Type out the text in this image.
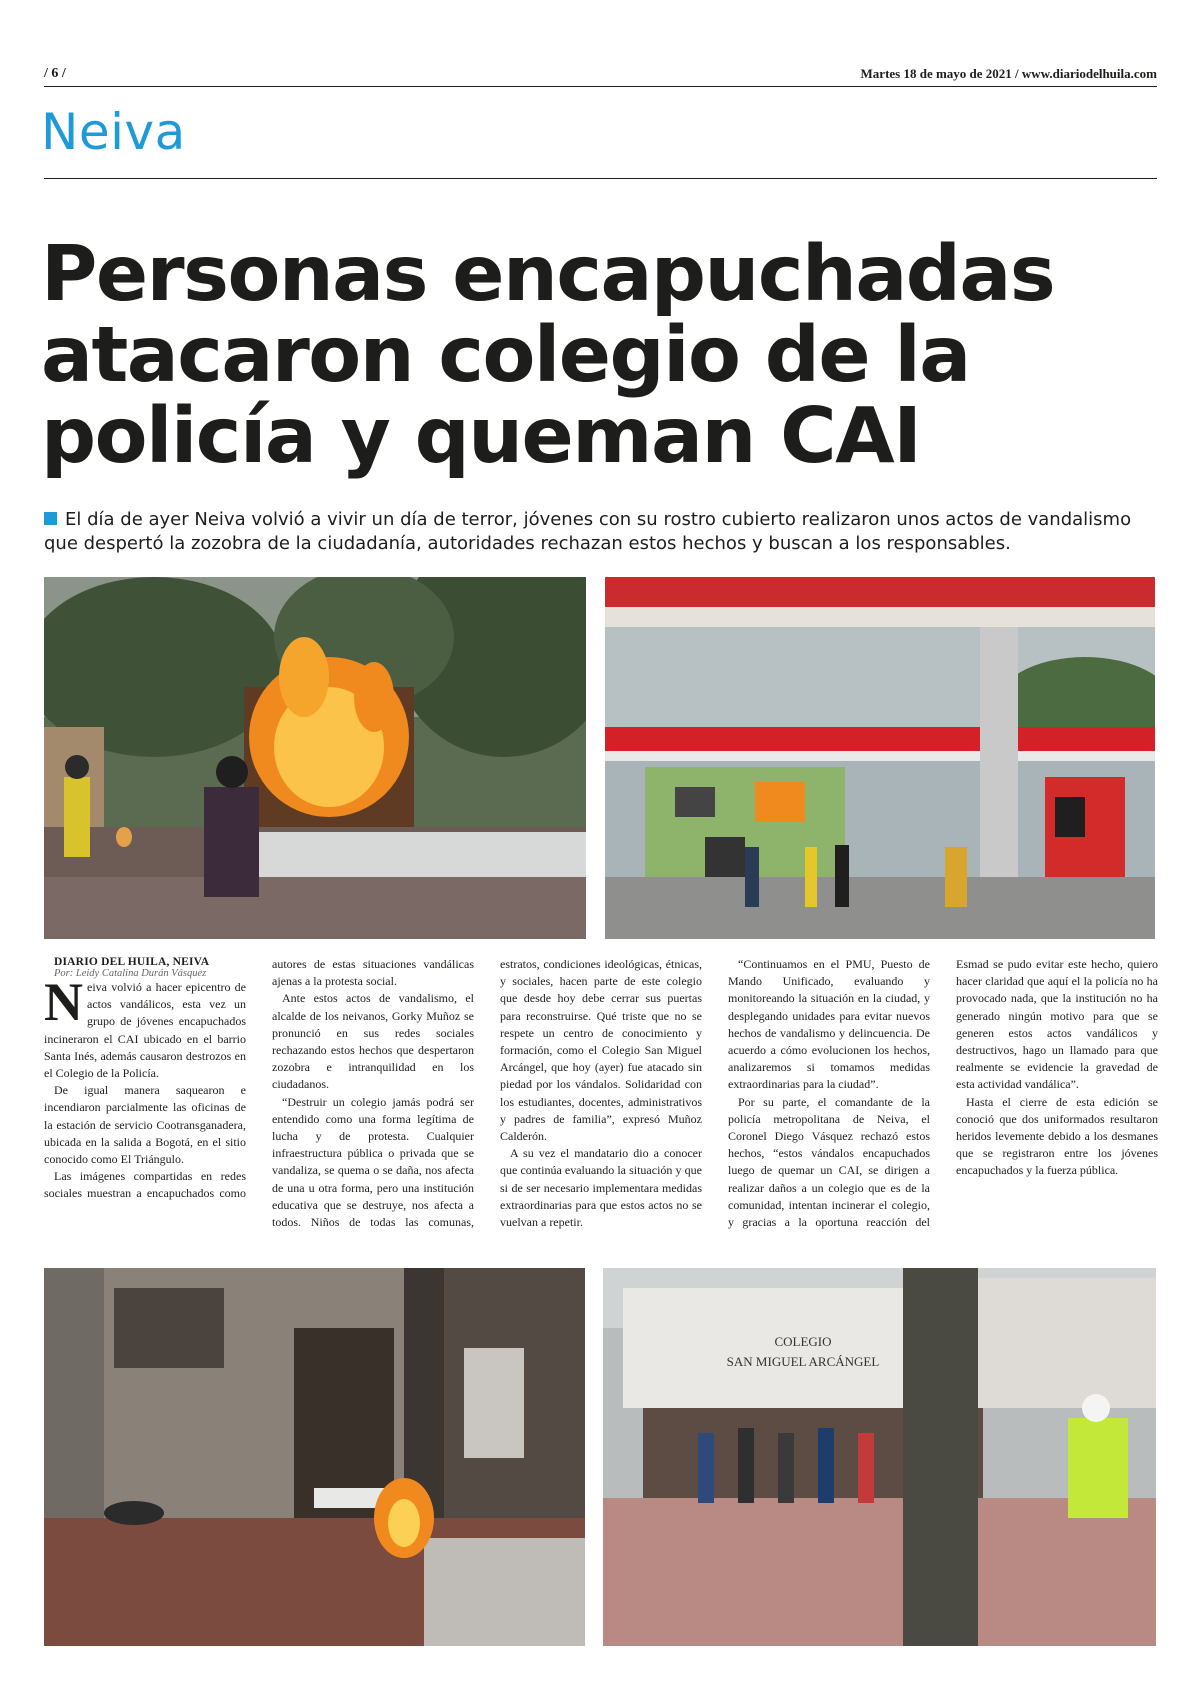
/ 6 /	Martes 18 de mayo de 2021 / www.diariodelhuila.com
Neiva
Personas encapuchadas atacaron colegio de la policía y queman CAI
El día de ayer Neiva volvió a vivir un día de terror, jóvenes con su rostro cubierto realizaron unos actos de vandalismo que despertó la zozobra de la ciudadanía, autoridades rechazan estos hechos y buscan a los responsables.

DIARIO DEL HUILA, NEIVA

Por: Leidy Catalina Durán Vásquez

Neiva volvió a hacer epicentro de actos vandálicos, esta vez un grupo de jóvenes encapuchados incineraron el CAI ubicado en el barrio Santa Inés, además causaron destrozos en el Colegio de la Policía.

De igual manera saquearon e incendiaron parcialmente las oficinas de la estación de servicio Cootransganadera, ubicada en la salida a Bogotá, en el sitio conocido como El Triángulo.

Las imágenes compartidas en redes sociales muestran a encapuchados como autores de estas situaciones vandálicas ajenas a la protesta social.

Ante estos actos de vandalismo, el alcalde de los neivanos, Gorky Muñoz se pronunció en sus redes sociales rechazando estos hechos que despertaron zozobra e intranquilidad en los ciudadanos.

“Destruir un colegio jamás podrá ser entendido como una forma legítima de lucha y de protesta. Cualquier infraestructura pública o privada que se vandaliza, se quema o se daña, nos afecta de una u otra forma, pero una institución educativa que se destruye, nos afecta a todos. Niños de todas las comunas, estratos, condiciones ideológicas, étnicas, y sociales, hacen parte de este colegio que desde hoy debe cerrar sus puertas para reconstruirse. Qué triste que no se respete un centro de conocimiento y formación, como el Colegio San Miguel Arcángel, que hoy (ayer) fue atacado sin piedad por los vándalos. Solidaridad con los estudiantes, docentes, administrativos y padres de familia”, expresó Muñoz Calderón.

A su vez el mandatario dio a conocer que continúa evaluando la situación y que si de ser necesario implementara medidas extraordinarias para que estos actos no se vuelvan a repetir.

“Continuamos en el PMU, Puesto de Mando Unificado, evaluando y monitoreando la situación en la ciudad, y desplegando unidades para evitar nuevos hechos de vandalismo y delincuencia. De acuerdo a cómo evolucionen los hechos, analizaremos si tomamos medidas extraordinarias para la ciudad”.

Por su parte, el comandante de la policía metropolitana de Neiva, el Coronel Diego Vásquez rechazó estos hechos, “estos vándalos encapuchados luego de quemar un CAI, se dirigen a realizar daños a un colegio que es de la comunidad, intentan incinerar el colegio, y gracias a la oportuna reacción del Esmad se pudo evitar este hecho, quiero hacer claridad que aquí el la policía no ha provocado nada, que la institución no ha generado ningún motivo para que se generen estos actos vandálicos y destructivos, hago un llamado para que realmente se evidencie la gravedad de esta actividad vandálica”.

Hasta el cierre de esta edición se conoció que dos uniformados resultaron heridos levemente debido a los desmanes que se registraron entre los jóvenes encapuchados y la fuerza pública.

COLEGIO
SAN MIGUEL ARCÁNGEL
